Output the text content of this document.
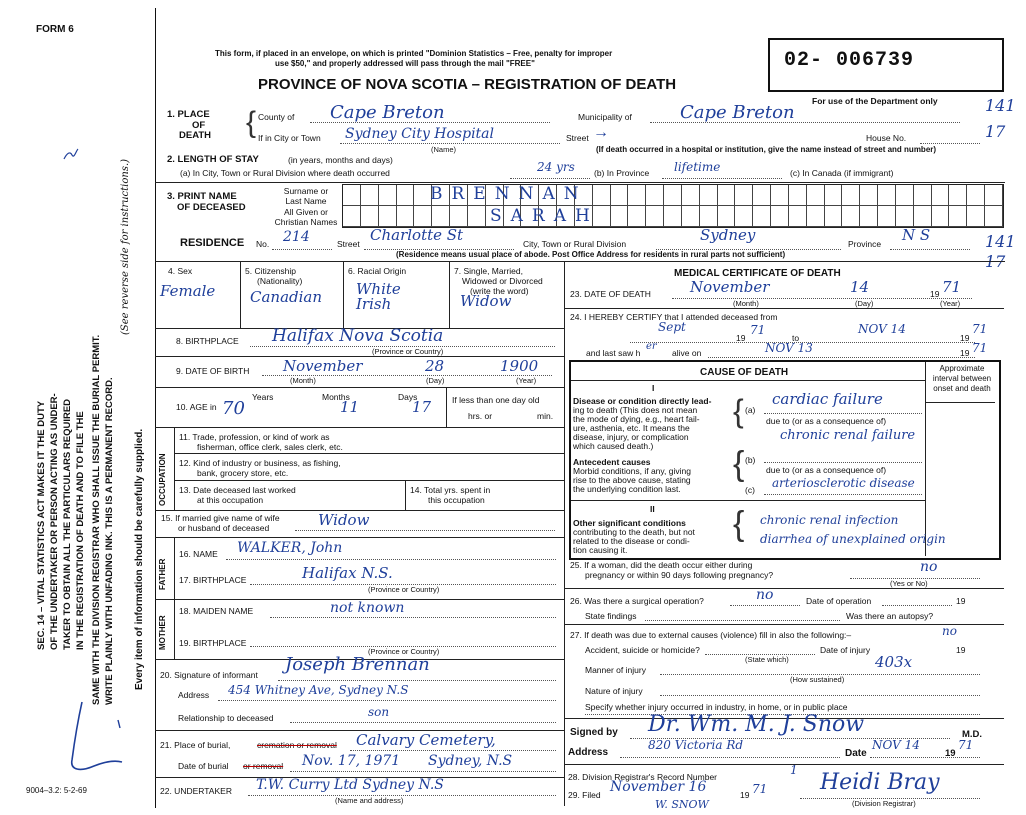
FORM 6
This form, if placed in an envelope, on which is printed "Dominion Statistics – Free, penalty for improper
use $50," and properly addressed will pass through the mail "FREE"
PROVINCE OF NOVA SCOTIA – REGISTRATION OF DEATH
02- 006739
For use of the Department only	141
17
141
17
SEC. 14 – VITAL STATISTICS ACT MAKES IT THE DUTY OF THE UNDERTAKER OR PERSON ACTING AS UNDER- TAKER TO OBTAIN ALL THE PARTICULARS REQUIRED IN THE REGISTRATION OF DEATH AND TO FILE THE SAME WITH THE DIVISION REGISTRAR WHO SHALL ISSUE THE BURIAL PERMIT. WRITE PLAINLY WITH UNFADING INK. THIS IS A PERMANENT RECORD.
(See reverse side for instructions.)
Every item of information should be carefully supplied.
1. PLACE
OF
DEATH { County of Cape Breton	Municipality of	Cape Breton
If in City or Town Sydney City Hospital	Street →	House No.
(Name)	(If death occurred in a hospital or institution, give the name instead of street and number)
2. LENGTH OF STAY	(in years, months and days)
(a) In City, Town or Rural Division where death occurred	24 yrs (b) In Province lifetime	(c) In Canada (if immigrant)
3. PRINT NAME
OF DECEASED
Surname or Last Name
All Given or Christian Names
BRENNAN
SARAH
RESIDENCE No. 214	Street Charlotte St	City, Town or Rural Division	Sydney	Province N S
(Residence means usual place of abode. Post Office Address for residents in rural parts not sufficient)
4. Sex
Female
5. Citizenship
(Nationality)
Canadian
6. Racial Origin
White Irish
7. Single, Married,
Widowed or Divorced
(write the word)
Widow
8. BIRTHPLACE Halifax Nova Scotia
(Province or Country)
9. DATE OF BIRTH November	28	1900
(Month)	(Day)	(Year)
10. AGE in
Years
70
Months
11
Days
17 If less than one day old
hrs. or	min.
OCCUPATION
11. Trade, profession, or kind of work as
fisherman, office clerk, sales clerk, etc.
12. Kind of industry or business, as fishing,
bank, grocery store, etc.
13. Date deceased last worked
at this occupation
14. Total yrs. spent in
this occupation
15. If married give name of wife
or husband of deceased	Widow
FATHER
16. NAME WALKER, John
17. BIRTHPLACE	Halifax N.S.
(Province or Country)
MOTHER
18. MAIDEN NAME	not known
19. BIRTHPLACE
(Province or Country)
20. Signature of informant Joseph Brennan
Address 454 Whitney Ave, Sydney N.S
Relationship to deceased	son
21. Place of burial,	cremation or removal Calvary Cemetery,
Date of burial or removal Nov. 17, 1971 Sydney, N.S
22. UNDERTAKER T.W. Curry Ltd Sydney N.S
(Name and address)
MEDICAL CERTIFICATE OF DEATH
23. DATE OF DEATH	November	14	19 71
(Month)	(Day)	(Year)
24. I HEREBY CERTIFY that I attended deceased from
Sept
19
71
to
NOV 14
19
71
and last saw h
er
alive on	NOV 13	19 71
CAUSE OF DEATH	Approximate interval between onset and death
I
Disease or condition directly lead-
ing to death (This does not mean
the mode of dying, e.g., heart fail-
ure, asthenia, etc. It means the
disease, injury, or complication
which caused death.)
{ (a)
cardiac failure
due to (or as a consequence of)
Antecedent causes
Morbid conditions, if any, giving
rise to the above cause, stating
the underlying condition last.
{
chronic renal failure
(b)
due to (or as a consequence of)
(c) arteriosclerotic disease
II
Other significant conditions
contributing to the death, but not
related to the disease or condi-
tion causing it.
{ chronic renal infection
diarrhea of unexplained origin
25. If a woman, did the death occur either during
pregnancy or within 90 days following pregnancy?	no
(Yes or No)
26. Was there a surgical operation?	no	Date of operation	19
State findings	Was there an autopsy?
27. If death was due to external causes (violence) fill in also the following:–	no
Accident, suicide or homicide?	Date of injury	19
(State which)
Manner of injury	403x
(How sustained)
Nature of injury
Specify whether injury occurred in industry, in home, or in public place
Signed by Dr. Wm. M. J. Snow	M.D.
Address
820 Victoria Rd
Date
NOV 14
19
71
28. Division Registrar's Record Number	1
29. Filed November 16	19 71 Heidi Bray
(Division Registrar)
W. SNOW
9004–3.2: 5-2-69
